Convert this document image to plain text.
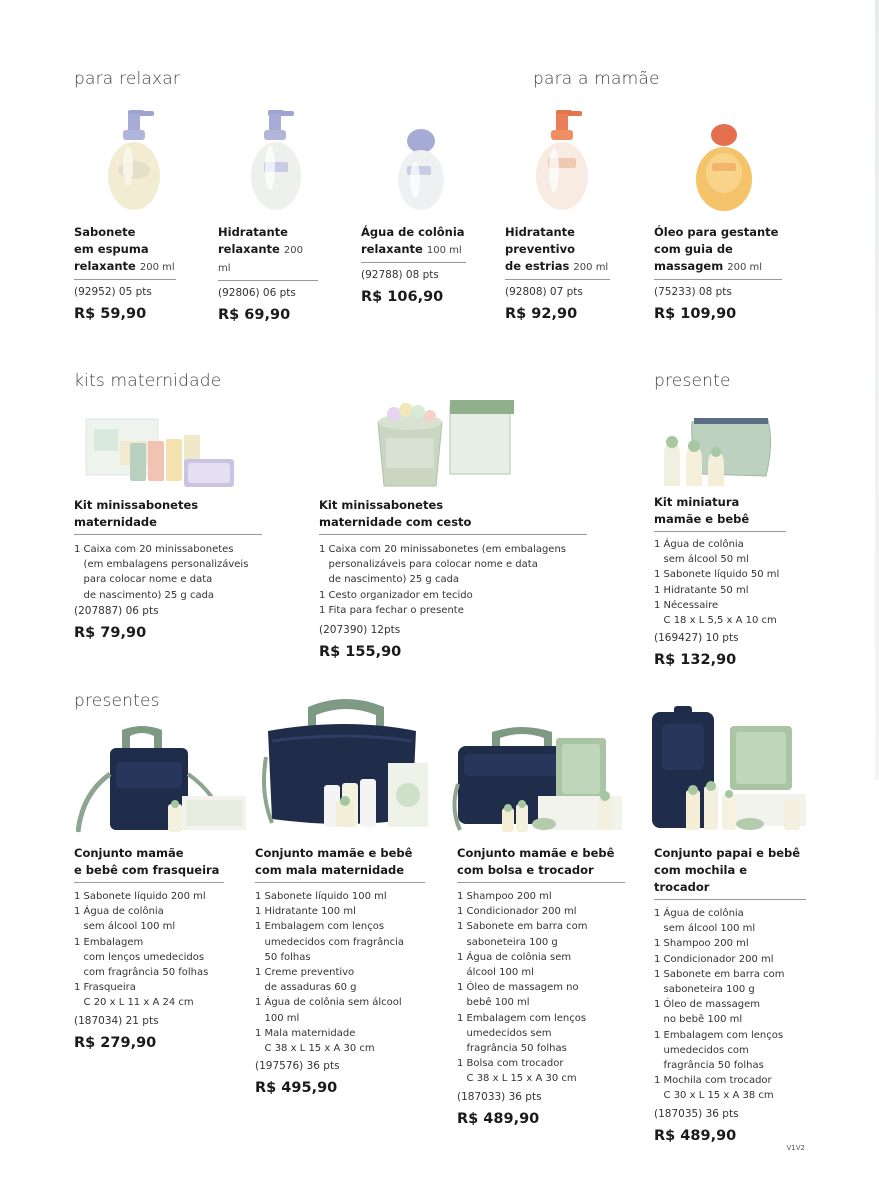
para relaxar	para a mamãe
kits maternidade	presente
presentes
Sabonete
em espuma
relaxante 200 ml
(92952) 05 pts
R$ 59,90
Hidratante
relaxante 200 ml
(92806) 06 pts
R$ 69,90
Água de colônia
relaxante 100 ml
(92788) 08 pts
R$ 106,90
Hidratante
preventivo
de estrias 200 ml
(92808) 07 pts
R$ 92,90
Óleo para gestante
com guia de
massagem 200 ml
(75233) 08 pts
R$ 109,90
Kit minissabonetes
maternidade
1 Caixa com 20 minissabonetes
(em embalagens personalizáveis
para colocar nome e data
de nascimento) 25 g cada
(207887) 06 pts
R$ 79,90
Kit minissabonetes
maternidade com cesto
1 Caixa com 20 minissabonetes (em embalagens
personalizáveis para colocar nome e data
de nascimento) 25 g cada
1 Cesto organizador em tecido
1 Fita para fechar o presente
(207390) 12pts
R$ 155,90
Kit miniatura
mamãe e bebê
1 Água de colônia
sem álcool 50 ml
1 Sabonete líquido 50 ml
1 Hidratante 50 ml
1 Nécessaire
C 18 x L 5,5 x A 10 cm
(169427) 10 pts
R$ 132,90
Conjunto mamãe
e bebê com frasqueira
1 Sabonete líquido 200 ml
1 Água de colônia
sem álcool 100 ml
1 Embalagem
com lenços umedecidos
com fragrância 50 folhas
1 Frasqueira
C 20 x L 11 x A 24 cm
(187034) 21 pts
R$ 279,90
Conjunto mamãe e bebê
com mala maternidade
1 Sabonete líquido 100 ml
1 Hidratante 100 ml
1 Embalagem com lenços
umedecidos com fragrância
50 folhas
1 Creme preventivo
de assaduras 60 g
1 Água de colônia sem álcool
100 ml
1 Mala maternidade
C 38 x L 15 x A 30 cm
(197576) 36 pts
R$ 495,90
Conjunto mamãe e bebê
com bolsa e trocador
1 Shampoo 200 ml
1 Condicionador 200 ml
1 Sabonete em barra com
saboneteira 100 g
1 Água de colônia sem
álcool 100 ml
1 Óleo de massagem no
bebê 100 ml
1 Embalagem com lenços
umedecidos sem
fragrância 50 folhas
1 Bolsa com trocador
C 38 x L 15 x A 30 cm
(187033) 36 pts
R$ 489,90
Conjunto papai e bebê
com mochila e trocador
1 Água de colônia
sem álcool 100 ml
1 Shampoo 200 ml
1 Condicionador 200 ml
1 Sabonete em barra com
saboneteira 100 g
1 Óleo de massagem
no bebê 100 ml
1 Embalagem com lenços
umedecidos com
fragrância 50 folhas
1 Mochila com trocador
C 30 x L 15 x A 38 cm
(187035) 36 pts
R$ 489,90
V1V2
